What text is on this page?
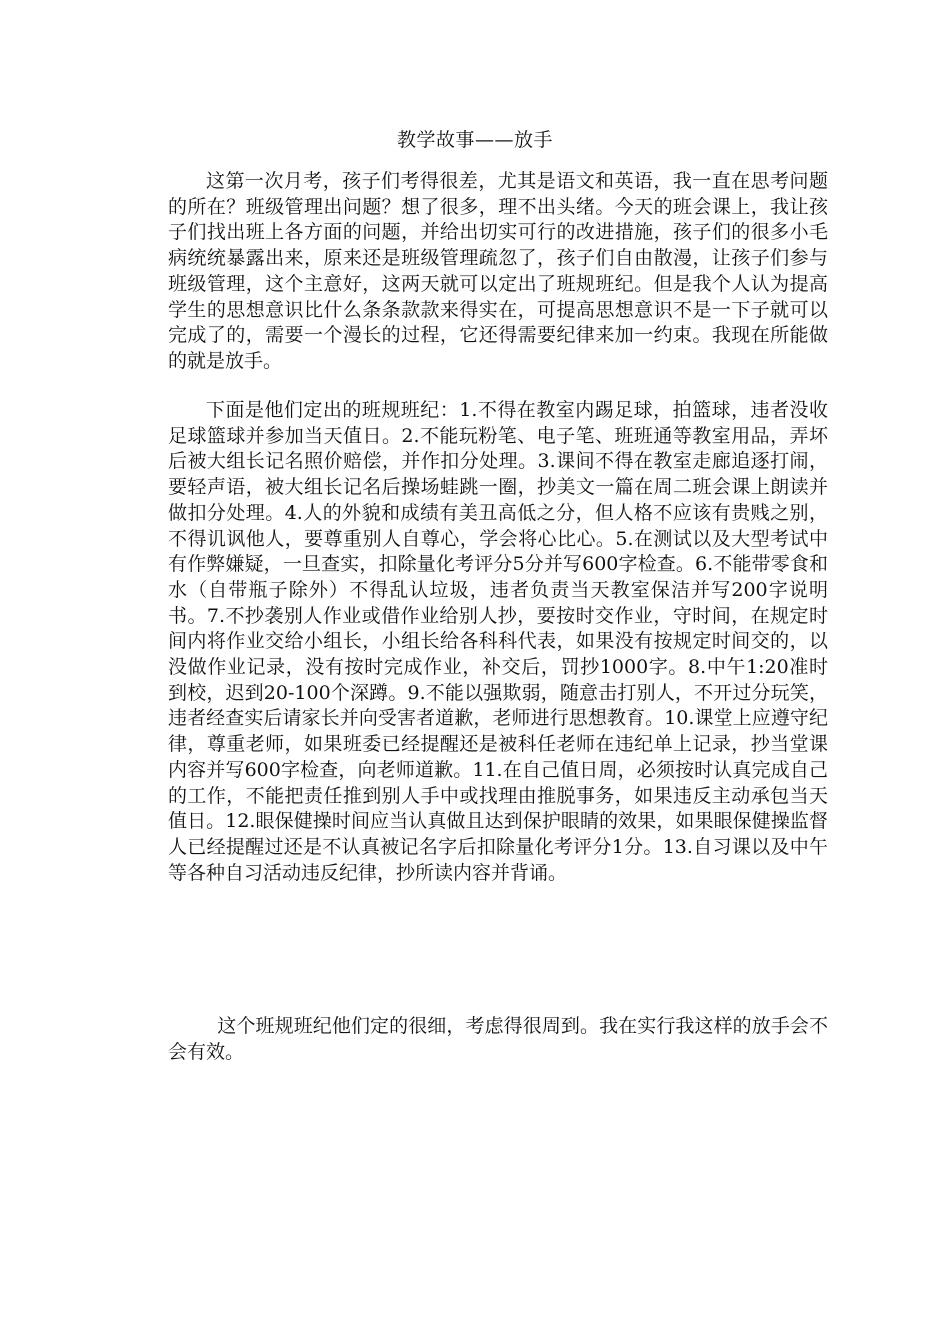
教学故事——放手

这第一次月考，孩子们考得很差，尤其是语文和英语，我一直在思考问题的所在？班级管理出问题？想了很多，理不出头绪。今天的班会课上，我让孩子们找出班上各方面的问题，并给出切实可行的改进措施，孩子们的很多小毛病统统暴露出来，原来还是班级管理疏忽了，孩子们自由散漫，让孩子们参与班级管理，这个主意好，这两天就可以定出了班规班纪。但是我个人认为提高学生的思想意识比什么条条款款来得实在，可提高思想意识不是一下子就可以完成了的，需要一个漫长的过程，它还得需要纪律来加一约束。我现在所能做的就是放手。

下面是他们定出的班规班纪：1.不得在教室内踢足球，拍篮球，违者没收足球篮球并参加当天值日。2.不能玩粉笔、电子笔、班班通等教室用品，弄坏后被大组长记名照价赔偿，并作扣分处理。3.课间不得在教室走廊追逐打闹，要轻声语，被大组长记名后操场蛙跳一圈，抄美文一篇在周二班会课上朗读并做扣分处理。4.人的外貌和成绩有美丑高低之分，但人格不应该有贵贱之别，不得讥讽他人，要尊重别人自尊心，学会将心比心。5.在测试以及大型考试中有作弊嫌疑，一旦查实，扣除量化考评分5分并写600字检查。6.不能带零食和水（自带瓶子除外）不得乱认垃圾，违者负责当天教室保洁并写200字说明书。7.不抄袭别人作业或借作业给别人抄，要按时交作业，守时间，在规定时间内将作业交给小组长，小组长给各科科代表，如果没有按规定时间交的，以没做作业记录，没有按时完成作业，补交后，罚抄1000字。8.中午1:20准时到校，迟到20-100个深蹲。9.不能以强欺弱，随意击打别人，不开过分玩笑，违者经查实后请家长并向受害者道歉，老师进行思想教育。10.课堂上应遵守纪律，尊重老师，如果班委已经提醒还是被科任老师在违纪单上记录，抄当堂课内容并写600字检查，向老师道歉。11.在自己值日周，必须按时认真完成自己的工作，不能把责任推到别人手中或找理由推脱事务，如果违反主动承包当天值日。12.眼保健操时间应当认真做且达到保护眼睛的效果，如果眼保健操监督人已经提醒过还是不认真被记名字后扣除量化考评分1分。13.自习课以及中午等各种自习活动违反纪律，抄所读内容并背诵。

这个班规班纪他们定的很细，考虑得很周到。我在实行我这样的放手会不会有效。
